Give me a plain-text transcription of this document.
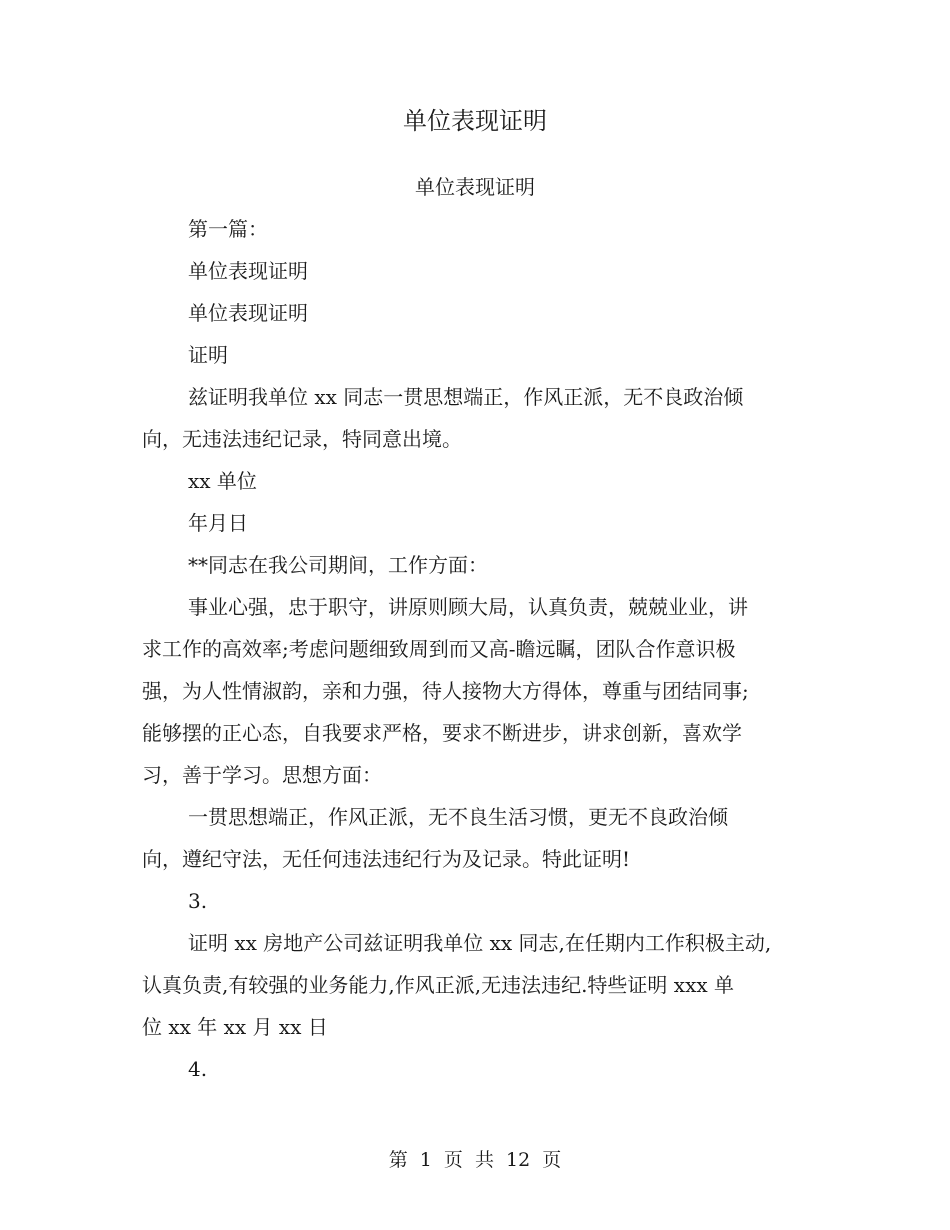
单位表现证明
单位表现证明
第一篇：
单位表现证明
单位表现证明
证明
兹证明我单位 xx 同志一贯思想端正，作风正派，无不良政治倾
向，无违法违纪记录，特同意出境。
xx 单位
年月日
**同志在我公司期间，工作方面：
事业心强，忠于职守，讲原则顾大局，认真负责，兢兢业业，讲
求工作的高效率;考虑问题细致周到而又高-瞻远瞩，团队合作意识极
强，为人性情淑韵，亲和力强，待人接物大方得体，尊重与团结同事;
能够摆的正心态，自我要求严格，要求不断进步，讲求创新，喜欢学
习，善于学习。思想方面：
一贯思想端正，作风正派，无不良生活习惯，更无不良政治倾
向，遵纪守法，无任何违法违纪行为及记录。特此证明!
3.
证明 xx 房地产公司兹证明我单位 xx 同志,在任期内工作积极主动,
认真负责,有较强的业务能力,作风正派,无违法违纪.特些证明 xxx 单
位 xx 年 xx 月 xx 日
4.
第 1 页 共 12 页
